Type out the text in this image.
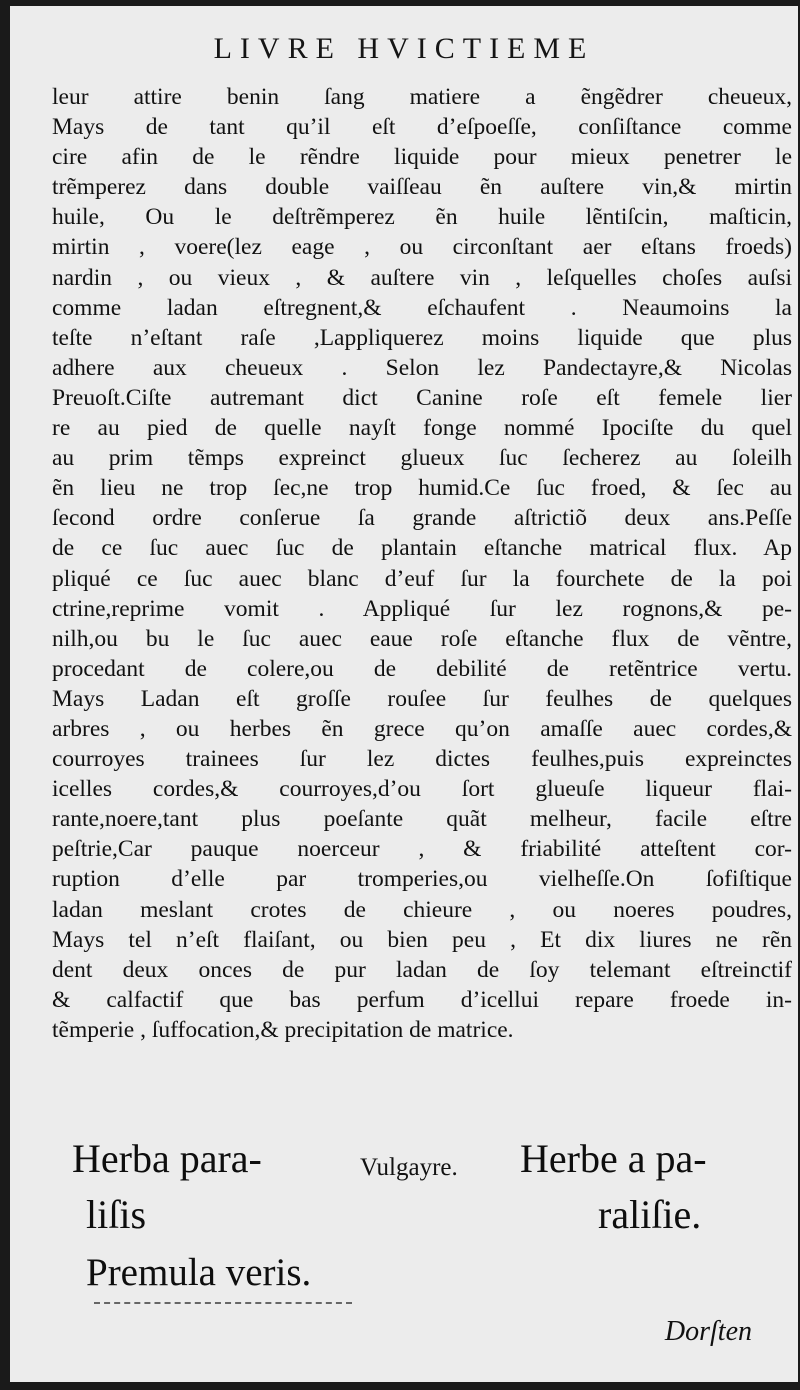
LIVRE HVICTIEME
leur attire benin ſang matiere a ẽngẽdrer cheueux,
Mays de tant qu’il eſt d’eſpoeſſe, conſiſtance comme
cire afin de le rẽndre liquide pour mieux penetrer le
trẽmperez dans double vaiſſeau ẽn auſtere vin,& mirtin
huile, Ou le deſtrẽmperez ẽn huile lẽntiſcin, maſticin,
mirtin , voere(lez eage , ou circonſtant aer eſtans froeds)
nardin , ou vieux , & auſtere vin , leſquelles choſes auſsi
comme ladan eſtregnent,& eſchaufent . Neaumoins la
teſte n’eſtant raſe ,Lappliquerez moins liquide que plus
adhere aux cheueux . Selon lez Pandectayre,& Nicolas
Preuoſt.Ciſte autremant dict Canine roſe eſt femele lier
re au pied de quelle nayſt fonge nommé Ipociſte du quel
au prim tẽmps expreinct glueux ſuc ſecherez au ſoleilh
ẽn lieu ne trop ſec,ne trop humid.Ce ſuc froed, & ſec au
ſecond ordre conſerue ſa grande aſtrictiõ deux ans.Peſſe
de ce ſuc auec ſuc de plantain eſtanche matrical flux. Ap
pliqué ce ſuc auec blanc d’euf ſur la fourchete de la poi
ctrine,reprime vomit . Appliqué ſur lez rognons,& pe-
nilh,ou bu le ſuc auec eaue roſe eſtanche flux de vẽntre,
procedant de colere,ou de debilité de retẽntrice vertu.
Mays Ladan eſt groſſe rouſee ſur feulhes de quelques
arbres , ou herbes ẽn grece qu’on amaſſe auec cordes,&
courroyes trainees ſur lez dictes feulhes,puis expreinctes
icelles cordes,& courroyes,d’ou ſort glueuſe liqueur flai-
rante,noere,tant plus poeſante quãt melheur, facile eſtre
peſtrie,Car pauque noerceur , & friabilité atteſtent cor-
ruption d’elle par tromperies,ou vielheſſe.On ſofiſtique
ladan meslant crotes de chieure , ou noeres poudres,
Mays tel n’eſt flaiſant, ou bien peu , Et dix liures ne rẽn
dent deux onces de pur ladan de ſoy telemant eſtreinctif
& calfactif que bas perfum d’icellui repare froede in-
tẽmperie , ſuffocation,& precipitation de matrice.
Herba para-
liſis
Premula veris.
Vulgayre. Herbe a pa-
raliſie.
Dorſten
